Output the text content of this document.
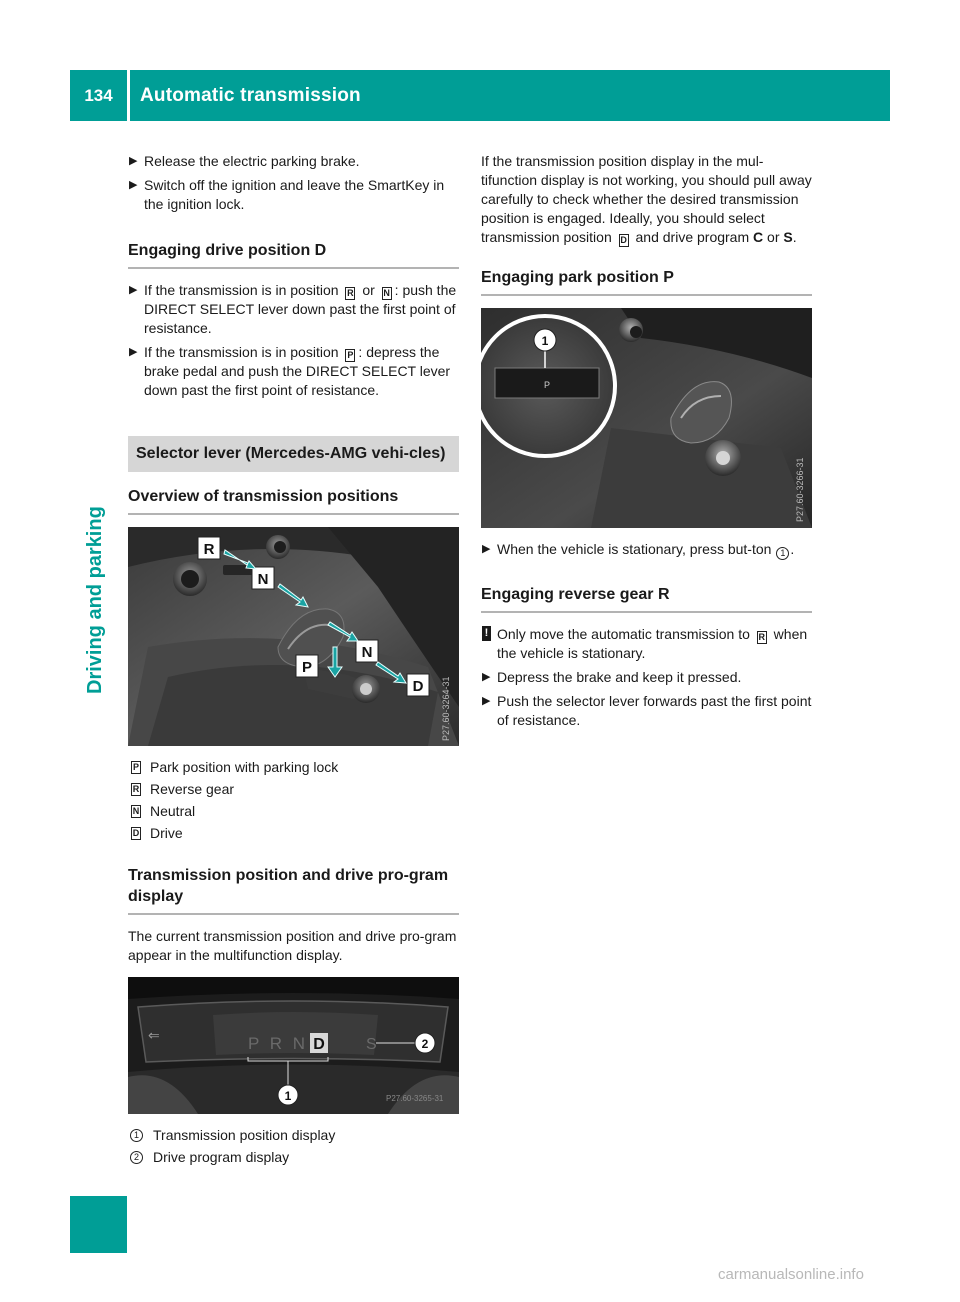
134	Automatic transmission
Driving and parking
▶ Release the electric parking brake.
▶ Switch off the ignition and leave the SmartKey in the ignition lock.
Engaging drive position D
▶ If the transmission is in position R or N : push the DIRECT SELECT lever down past the first point of resistance.
▶ If the transmission is in position P : depress the brake pedal and push the DIRECT SELECT lever down past the first point of resistance.
Selector lever (Mercedes-AMG vehi-cles)
Overview of transmission positions
R
N
P
N
D P27.60-3264-31
P Park position with parking lock
R Reverse gear
N Neutral
D Drive
Transmission position and drive pro-gram display
The current transmission position and drive pro-gram appear in the multifunction display.
⇐	P R N D	S
1
2
P27.60-3265-31
1 Transmission position display
2 Drive program display
If the transmission position display in the mul-tifunction display is not working, you should pull away carefully to check whether the desired transmission position is engaged. Ideally, you should select transmission position D and drive program C or S.
Engaging park position P
P
1
P27.60-3266-31
▶ When the vehicle is stationary, press but-ton 1 .
Engaging reverse gear R
! Only move the automatic transmission to R when the vehicle is stationary.
▶ Depress the brake and keep it pressed.
▶ Push the selector lever forwards past the first point of resistance.
carmanualsonline.info
